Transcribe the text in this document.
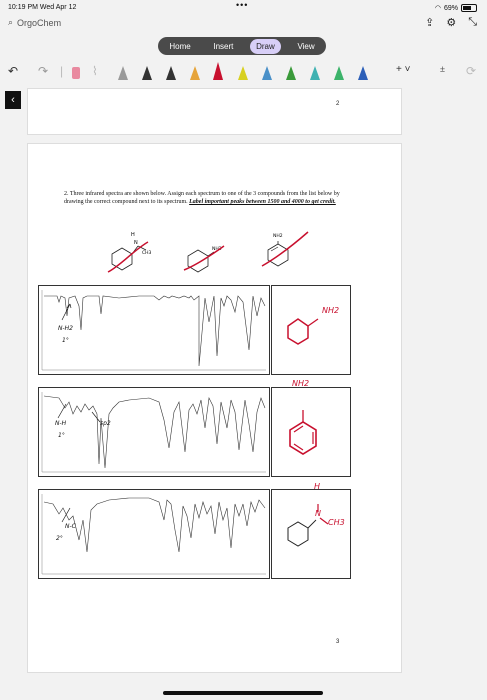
10:19 PM Wed Apr 12	•••	◠ 69%
⌕ OrgoChem	⇪ ⚙ ⤡
Home	Insert	Draw	View
↶ ↷ | ⌇	+ ˅	± ⟳
‹	2
3
2. Three infrared spectra are shown below. Assign each spectrum to one of the 3 compounds from the list below by drawing the correct compound next to its spectrum. Label important peaks between 1500 and 4000 to get credit.
H
N
CH3
NH2
NH2
N-H2
1°
NH2
N-H
1°
sp2
NH2
N-C
2°
H
N
CH3
